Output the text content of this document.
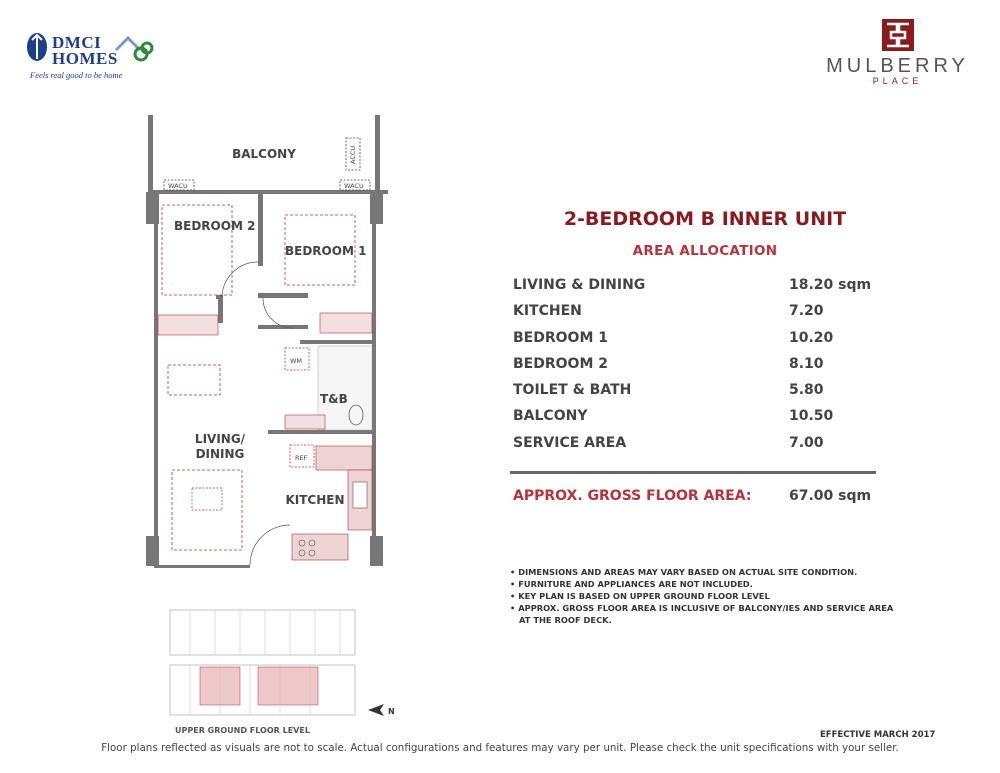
DMCI
HOMES
Feels real good to be home	MULBERRY
PLACE
BALCONY	ACCU
WACU	WACU
BEDROOM 2
BEDROOM 1
WM
T&B
LIVING/
DINING	REF
KITCHEN
UPPER GROUND FLOOR LEVEL
N
2-BEDROOM B INNER UNIT
AREA ALLOCATION
LIVING & DINING	18.20 sqm
KITCHEN	7.20
BEDROOM 1	10.20
BEDROOM 2	8.10
TOILET & BATH	5.80
BALCONY	10.50
SERVICE AREA	7.00
APPROX. GROSS FLOOR AREA:	67.00 sqm
• DIMENSIONS AND AREAS MAY VARY BASED ON ACTUAL SITE CONDITION.
• FURNITURE AND APPLIANCES ARE NOT INCLUDED.
• KEY PLAN IS BASED ON UPPER GROUND FLOOR LEVEL
• APPROX. GROSS FLOOR AREA IS INCLUSIVE OF BALCONY/IES AND SERVICE AREA AT THE ROOF DECK.
EFFECTIVE MARCH 2017
Floor plans reflected as visuals are not to scale. Actual configurations and features may vary per unit. Please check the unit specifications with your seller.
